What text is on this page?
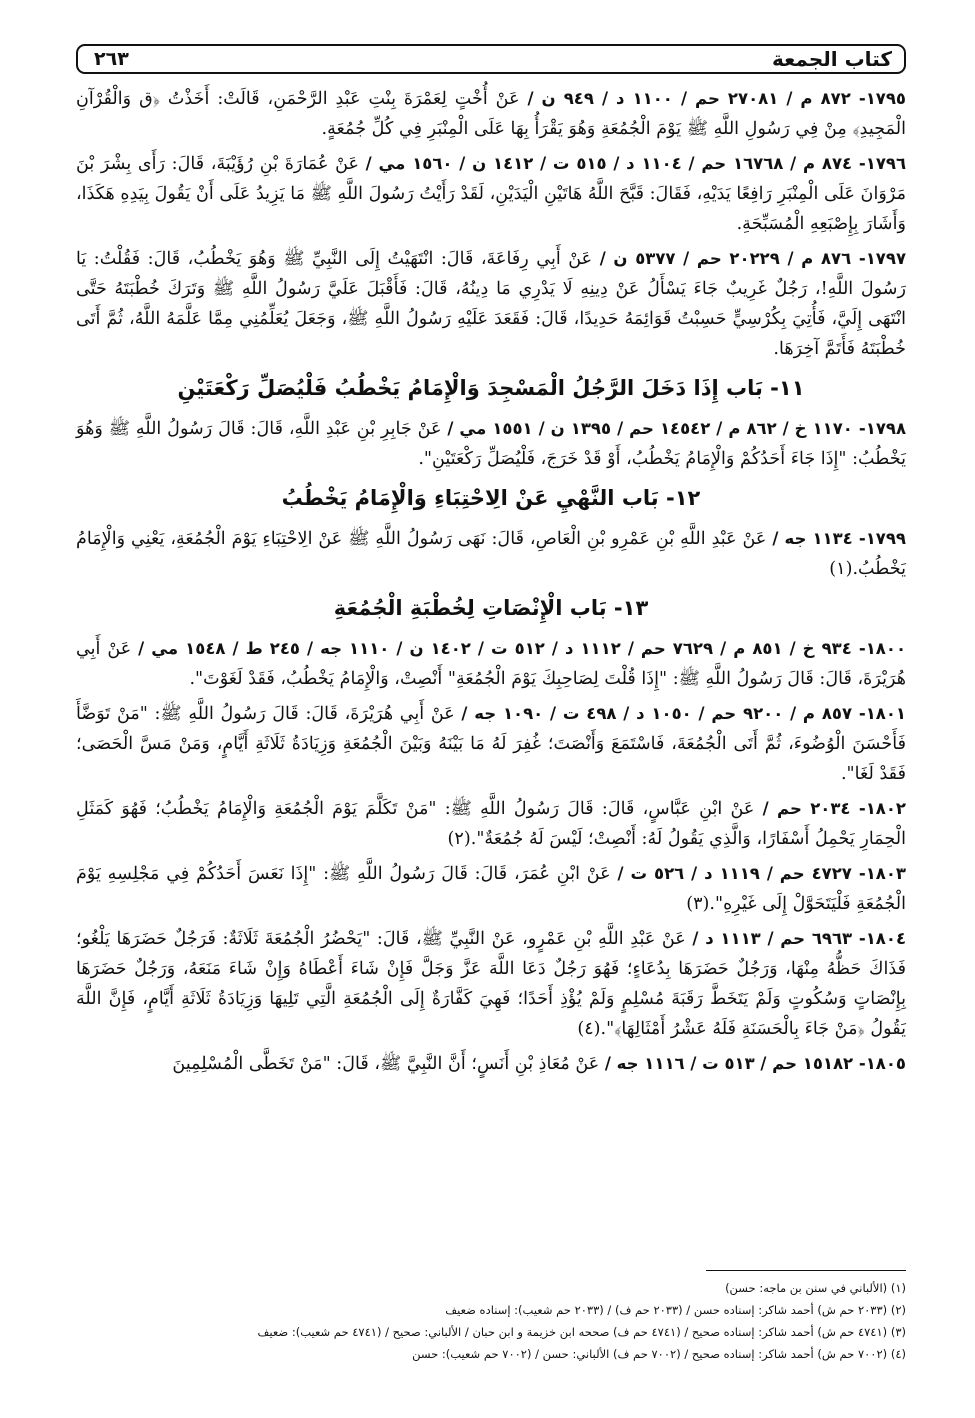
كتاب الجمعة
٢٦٣

١٧٩٥- ٨٧٢ م / ٢٧٠٨١ حم / ١١٠٠ د / ٩٤٩ ن / عَنْ أُخْتٍ لِعَمْرَةَ بِنْتِ عَبْدِ الرَّحْمَنِ، قَالَتْ: أَخَذْتُ ﴿ق وَالْقُرْآنِ الْمَجِيدِ﴾ مِنْ فِي رَسُولِ اللَّهِ ﷺ يَوْمَ الْجُمُعَةِ وَهُوَ يَقْرَأُ بِهَا عَلَى الْمِنْبَرِ فِي كُلِّ جُمُعَةٍ.

١٧٩٦- ٨٧٤ م / ١٦٧٦٨ حم / ١١٠٤ د / ٥١٥ ت / ١٤١٢ ن / ١٥٦٠ مي / عَنْ عُمَارَةَ بْنِ رُؤَيْبَةَ، قَالَ: رَأَى بِشْرَ بْنَ مَرْوَانَ عَلَى الْمِنْبَرِ رَافِعًا يَدَيْهِ، فَقَالَ: قَبَّحَ اللَّهُ هَاتَيْنِ الْيَدَيْنِ، لَقَدْ رَأَيْتُ رَسُولَ اللَّهِ ﷺ مَا يَزِيدُ عَلَى أَنْ يَقُولَ بِيَدِهِ هَكَذَا، وَأَشَارَ بِإِصْبَعِهِ الْمُسَبِّحَةِ.

١٧٩٧- ٨٧٦ م / ٢٠٢٢٩ حم / ٥٣٧٧ ن / عَنْ أَبِي رِفَاعَةَ، قَالَ: انْتَهَيْتُ إِلَى النَّبِيِّ ﷺ وَهُوَ يَخْطُبُ، قَالَ: فَقُلْتُ: يَا رَسُولَ اللَّهِ!، رَجُلٌ غَرِيبٌ جَاءَ يَسْأَلُ عَنْ دِينِهِ لَا يَدْرِي مَا دِينُهُ، قَالَ: فَأَقْبَلَ عَلَيَّ رَسُولُ اللَّهِ ﷺ وَتَرَكَ خُطْبَتَهُ حَتَّى انْتَهَى إِلَيَّ، فَأُتِيَ بِكُرْسِيٍّ حَسِبْتُ قَوَائِمَهُ حَدِيدًا، قَالَ: فَقَعَدَ عَلَيْهِ رَسُولُ اللَّهِ ﷺ، وَجَعَلَ يُعَلِّمُنِي مِمَّا عَلَّمَهُ اللَّهُ، ثُمَّ أَتَى خُطْبَتَهُ فَأَتَمَّ آخِرَهَا.

١١- بَاب إِذَا دَخَلَ الرَّجُلُ الْمَسْجِدَ وَالْإِمَامُ يَخْطُبُ فَلْيُصَلِّ رَكْعَتَيْنِ

١٧٩٨- ١١٧٠ خ / ٨٦٢ م / ١٤٥٤٢ حم / ١٣٩٥ ن / ١٥٥١ مي / عَنْ جَابِرِ بْنِ عَبْدِ اللَّهِ، قَالَ: قَالَ رَسُولُ اللَّهِ ﷺ وَهُوَ يَخْطُبُ: "إِذَا جَاءَ أَحَدُكُمْ وَالْإِمَامُ يَخْطُبُ، أَوْ قَدْ خَرَجَ، فَلْيُصَلِّ رَكْعَتَيْنِ".

١٢- بَاب النَّهْيِ عَنْ الِاحْتِبَاءِ وَالْإِمَامُ يَخْطُبُ

١٧٩٩- ١١٣٤ جه / عَنْ عَبْدِ اللَّهِ بْنِ عَمْرِو بْنِ الْعَاصِ، قَالَ: نَهَى رَسُولُ اللَّهِ ﷺ عَنْ الِاحْتِبَاءِ يَوْمَ الْجُمُعَةِ، يَعْنِي وَالْإِمَامُ يَخْطُبُ.(١)

١٣- بَاب الْإِنْصَاتِ لِخُطْبَةِ الْجُمُعَةِ

١٨٠٠- ٩٣٤ خ / ٨٥١ م / ٧٦٢٩ حم / ١١١٢ د / ٥١٢ ت / ١٤٠٢ ن / ١١١٠ جه / ٢٤٥ ط / ١٥٤٨ مي / عَنْ أَبِي هُرَيْرَةَ، قَالَ: قَالَ رَسُولُ اللَّهِ ﷺ: "إِذَا قُلْتَ لِصَاحِبِكَ يَوْمَ الْجُمُعَةِ" أَنْصِتْ، وَالْإِمَامُ يَخْطُبُ، فَقَدْ لَغَوْتَ".

١٨٠١- ٨٥٧ م / ٩٢٠٠ حم / ١٠٥٠ د / ٤٩٨ ت / ١٠٩٠ جه / عَنْ أَبِي هُرَيْرَةَ، قَالَ: قَالَ رَسُولُ اللَّهِ ﷺ: "مَنْ تَوَضَّأَ فَأَحْسَنَ الْوُضُوءَ، ثُمَّ أَتَى الْجُمُعَةَ، فَاسْتَمَعَ وَأَنْصَتَ؛ غُفِرَ لَهُ مَا بَيْنَهُ وَبَيْنَ الْجُمُعَةِ وَزِيَادَةُ ثَلَاثَةِ أَيَّامٍ، وَمَنْ مَسَّ الْحَصَى؛ فَقَدْ لَغَا".

١٨٠٢- ٢٠٣٤ حم / عَنْ ابْنِ عَبَّاسٍ، قَالَ: قَالَ رَسُولُ اللَّهِ ﷺ: "مَنْ تَكَلَّمَ يَوْمَ الْجُمُعَةِ وَالْإِمَامُ يَخْطُبُ؛ فَهُوَ كَمَثَلِ الْحِمَارِ يَحْمِلُ أَسْفَارًا، وَالَّذِي يَقُولُ لَهُ: أَنْصِتْ؛ لَيْسَ لَهُ جُمُعَةٌ".(٢)

١٨٠٣- ٤٧٢٧ حم / ١١١٩ د / ٥٢٦ ت / عَنْ ابْنِ عُمَرَ، قَالَ: قَالَ رَسُولُ اللَّهِ ﷺ: "إِذَا نَعَسَ أَحَدُكُمْ فِي مَجْلِسِهِ يَوْمَ الْجُمُعَةِ فَلْيَتَحَوَّلْ إِلَى غَيْرِهِ".(٣)

١٨٠٤- ٦٩٦٣ حم / ١١١٣ د / عَنْ عَبْدِ اللَّهِ بْنِ عَمْرٍو، عَنْ النَّبِيِّ ﷺ، قَالَ: "يَحْضُرُ الْجُمُعَةَ ثَلَاثَةٌ: فَرَجُلٌ حَضَرَهَا يَلْغُو؛ فَذَاكَ حَظُّهُ مِنْهَا، وَرَجُلٌ حَضَرَهَا بِدُعَاءٍ؛ فَهُوَ رَجُلٌ دَعَا اللَّهَ عَزَّ وَجَلَّ فَإِنْ شَاءَ أَعْطَاهُ وَإِنْ شَاءَ مَنَعَهُ، وَرَجُلٌ حَضَرَهَا بِإِنْصَاتٍ وَسُكُوتٍ وَلَمْ يَتَخَطَّ رَقَبَةَ مُسْلِمٍ وَلَمْ يُؤْذِ أَحَدًا؛ فَهِيَ كَفَّارَةٌ إِلَى الْجُمُعَةِ الَّتِي تَلِيهَا وَزِيَادَةُ ثَلَاثَةِ أَيَّامٍ، فَإِنَّ اللَّهَ يَقُولُ ﴿مَنْ جَاءَ بِالْحَسَنَةِ فَلَهُ عَشْرُ أَمْثَالِهَا﴾".(٤)

١٨٠٥- ١٥١٨٢ حم / ٥١٣ ت / ١١١٦ جه / عَنْ مُعَاذِ بْنِ أَنَسٍ؛ أَنَّ النَّبِيَّ ﷺ، قَالَ: "مَنْ تَخَطَّى الْمُسْلِمِينَ

(١) (الألباني في سنن بن ماجه: حسن)

(٢) (٢٠٣٣ حم ش) أحمد شاكر: إسناده حسن / (٢٠٣٣ حم ف) / (٢٠٣٣ حم شعيب): إسناده ضعيف

(٣) (٤٧٤١ حم ش) أحمد شاكر: إسناده صحيح / (٤٧٤١ حم ف) صححه ابن خزيمة و ابن حبان / الألباني: صحيح / (٤٧٤١ حم شعيب): ضعيف

(٤) (٧٠٠٢ حم ش) أحمد شاكر: إسناده صحيح / (٧٠٠٢ حم ف) الألباني: حسن / (٧٠٠٢ حم شعيب): حسن
